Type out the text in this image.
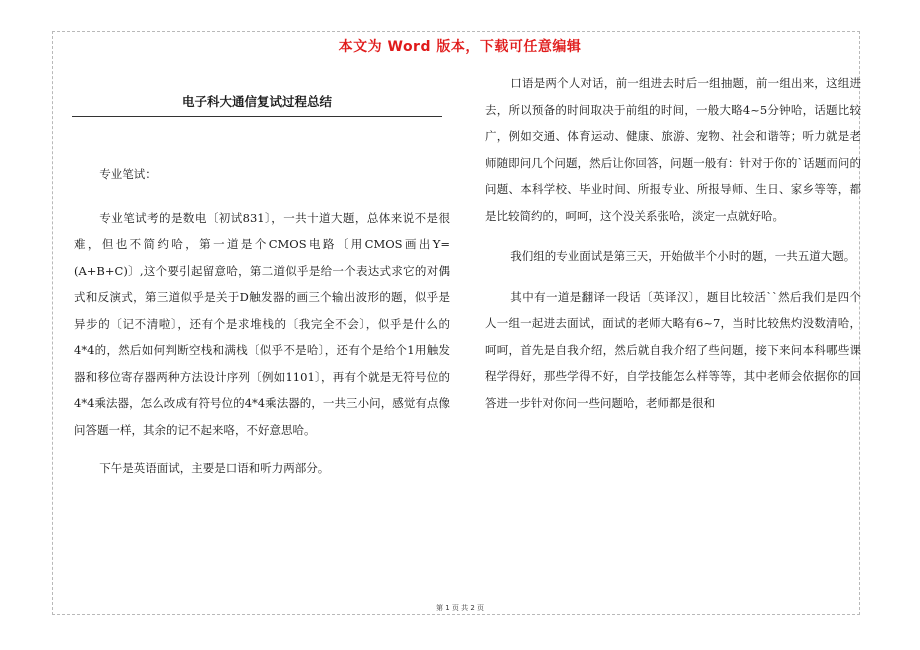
本文为 Word 版本，下载可任意编辑
电子科大通信复试过程总结

专业笔试：

专业笔试考的是数电〔初试831〕，一共十道大题，总体来说不是很难，但也不简约哈，第一道是个CMOS电路〔用CMOS画出Y=(A+B+C)〕,这个要引起留意哈，第二道似乎是给一个表达式求它的对偶式和反演式，第三道似乎是关于D触发器的画三个输出波形的题，似乎是异步的〔记不清啦〕，还有个是求堆栈的〔我完全不会〕，似乎是什么的4*4的，然后如何判断空栈和满栈〔似乎不是哈〕，还有个是给个1用触发器和移位寄存器两种方法设计序列〔例如1101〕，再有个就是无符号位的4*4乘法器，怎么改成有符号位的4*4乘法器的，一共三小问，感觉有点像问答题一样，其余的记不起来咯，不好意思哈。

下午是英语面试，主要是口语和听力两部分。

口语是两个人对话，前一组进去时后一组抽题，前一组出来，这组进去，所以预备的时间取决于前组的时间，一般大略4~5分钟哈，话题比较广，例如交通、体育运动、健康、旅游、宠物、社会和谐等；听力就是老师随即问几个问题，然后让你回答，问题一般有：针对于你的`话题而问的问题、本科学校、毕业时间、所报专业、所报导师、生日、家乡等等，都是比较简约的，呵呵，这个没关系张哈，淡定一点就好哈。

我们组的专业面试是第三天，开始做半个小时的题，一共五道大题。

其中有一道是翻译一段话〔英译汉〕，题目比较活``然后我们是四个人一组一起进去面试，面试的老师大略有6~7，当时比较焦灼没数清哈，呵呵，首先是自我介绍，然后就自我介绍了些问题，接下来问本科哪些课程学得好，那些学得不好，自学技能怎么样等等，其中老师会依据你的回答进一步针对你问一些问题哈，老师都是很和

第 1 页 共 2 页
